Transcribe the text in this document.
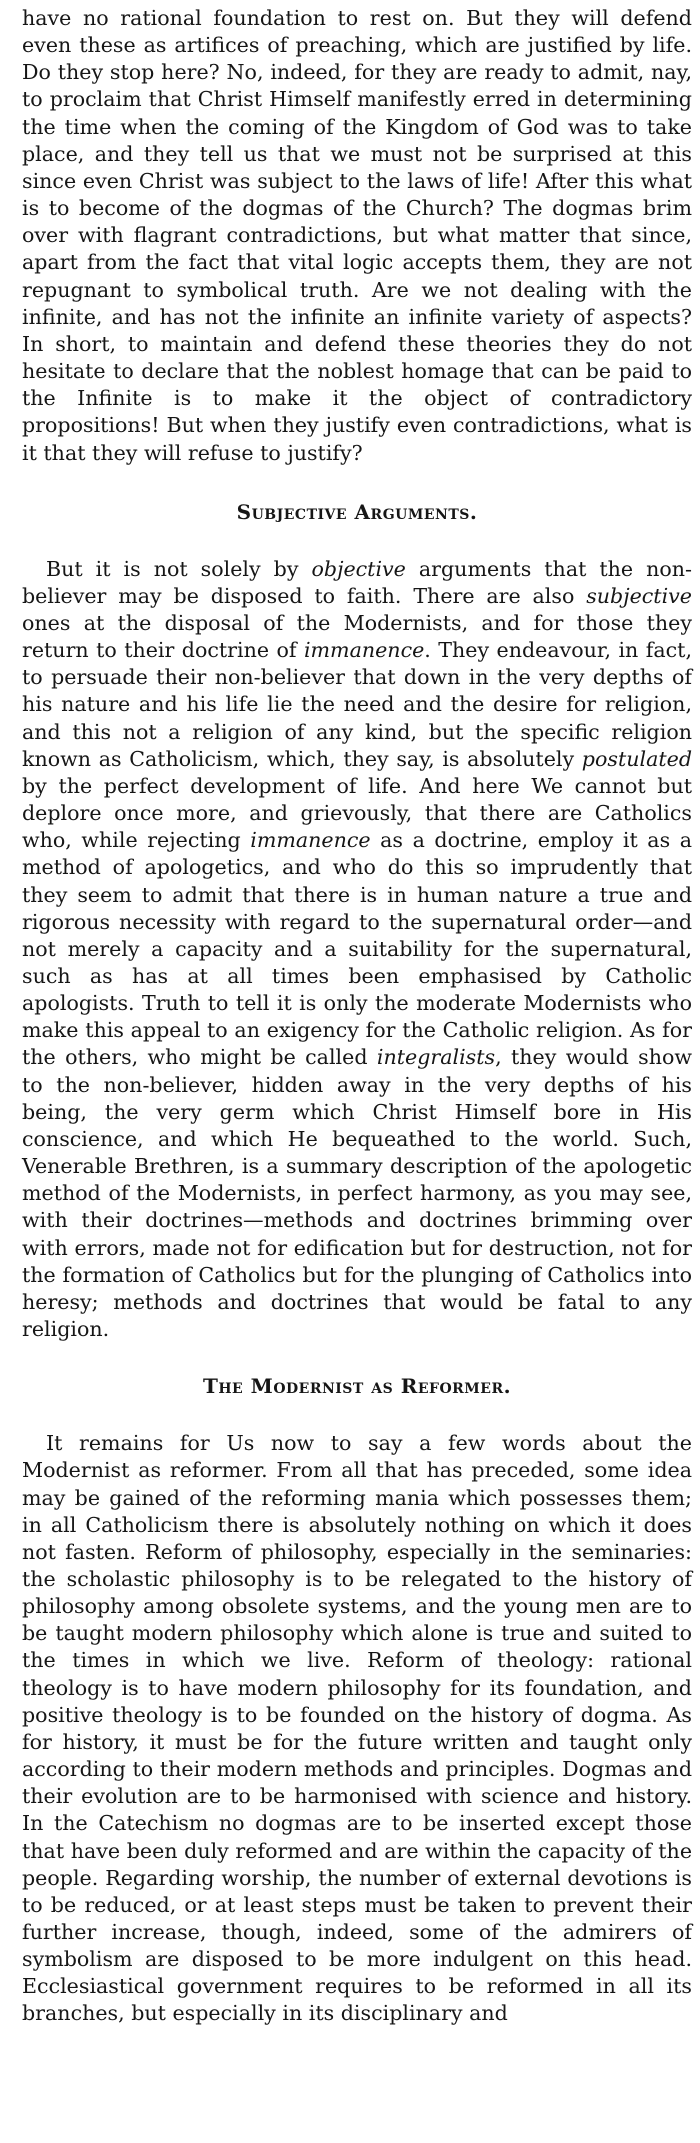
have no rational foundation to rest on. But they will defend even these as artifices of preaching, which are justified by life. Do they stop here? No, indeed, for they are ready to admit, nay, to proclaim that Christ Himself manifestly erred in determining the time when the coming of the Kingdom of God was to take place, and they tell us that we must not be surprised at this since even Christ was subject to the laws of life! After this what is to become of the dogmas of the Church? The dogmas brim over with flagrant contradictions, but what matter that since, apart from the fact that vital logic accepts them, they are not repugnant to symbolical truth. Are we not dealing with the infinite, and has not the infinite an infinite variety of aspects? In short, to maintain and defend these theories they do not hesitate to declare that the noblest homage that can be paid to the Infinite is to make it the object of contradictory propositions! But when they justify even contradictions, what is it that they will refuse to justify?

Subjective Arguments.

But it is not solely by objective arguments that the non-believer may be disposed to faith. There are also subjective ones at the disposal of the Modernists, and for those they return to their doctrine of immanence. They endeavour, in fact, to persuade their non-believer that down in the very depths of his nature and his life lie the need and the desire for religion, and this not a religion of any kind, but the specific religion known as Catholicism, which, they say, is absolutely postulated by the perfect development of life. And here We cannot but deplore once more, and grievously, that there are Catholics who, while rejecting immanence as a doctrine, employ it as a method of apologetics, and who do this so imprudently that they seem to admit that there is in human nature a true and rigorous necessity with regard to the supernatural order—and not merely a capacity and a suitability for the supernatural, such as has at all times been emphasised by Catholic apologists. Truth to tell it is only the moderate Modernists who make this appeal to an exigency for the Catholic religion. As for the others, who might be called integralists, they would show to the non-believer, hidden away in the very depths of his being, the very germ which Christ Himself bore in His conscience, and which He bequeathed to the world. Such, Venerable Brethren, is a summary description of the apologetic method of the Modernists, in perfect harmony, as you may see, with their doctrines—methods and doctrines brimming over with errors, made not for edification but for destruction, not for the formation of Catholics but for the plunging of Catholics into heresy; methods and doctrines that would be fatal to any religion.

The Modernist as Reformer.

It remains for Us now to say a few words about the Modernist as reformer. From all that has preceded, some idea may be gained of the reforming mania which possesses them; in all Catholicism there is absolutely nothing on which it does not fasten. Reform of philosophy, especially in the seminaries: the scholastic philosophy is to be relegated to the history of philosophy among obsolete systems, and the young men are to be taught modern philosophy which alone is true and suited to the times in which we live. Reform of theology: rational theology is to have modern philosophy for its foundation, and positive theology is to be founded on the history of dogma. As for history, it must be for the future written and taught only according to their modern methods and principles. Dogmas and their evolution are to be harmonised with science and history. In the Catechism no dogmas are to be inserted except those that have been duly reformed and are within the capacity of the people. Regarding worship, the number of external devotions is to be reduced, or at least steps must be taken to prevent their further increase, though, indeed, some of the admirers of symbolism are disposed to be more indulgent on this head. Ecclesiastical government requires to be reformed in all its branches, but especially in its disciplinary and
